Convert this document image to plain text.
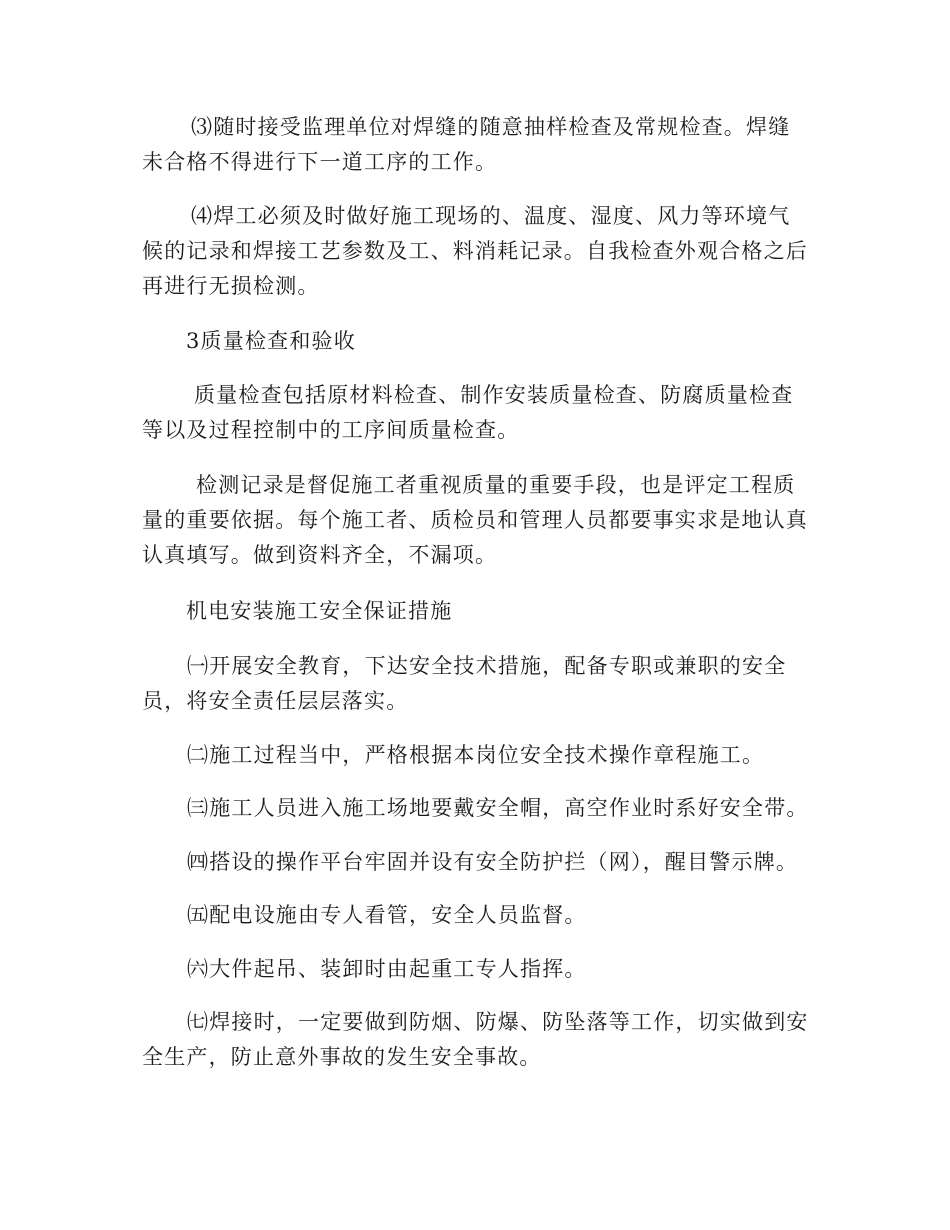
⑶随时接受监理单位对焊缝的随意抽样检查及常规检查。焊缝未合格不得进行下一道工序的工作。

⑷焊工必须及时做好施工现场的、温度、湿度、风力等环境气候的记录和焊接工艺参数及工、料消耗记录。自我检查外观合格之后再进行无损检测。

3质量检查和验收

质量检查包括原材料检查、制作安装质量检查、防腐质量检查等以及过程控制中的工序间质量检查。

检测记录是督促施工者重视质量的重要手段，也是评定工程质量的重要依据。每个施工者、质检员和管理人员都要事实求是地认真认真填写。做到资料齐全，不漏项。

机电安装施工安全保证措施

㈠开展安全教育，下达安全技术措施，配备专职或兼职的安全员，将安全责任层层落实。

㈡施工过程当中，严格根据本岗位安全技术操作章程施工。

㈢施工人员进入施工场地要戴安全帽，高空作业时系好安全带。

㈣搭设的操作平台牢固并设有安全防护拦（网），醒目警示牌。

㈤配电设施由专人看管，安全人员监督。

㈥大件起吊、装卸时由起重工专人指挥。

㈦焊接时，一定要做到防烟、防爆、防坠落等工作，切实做到安全生产，防止意外事故的发生安全事故。
